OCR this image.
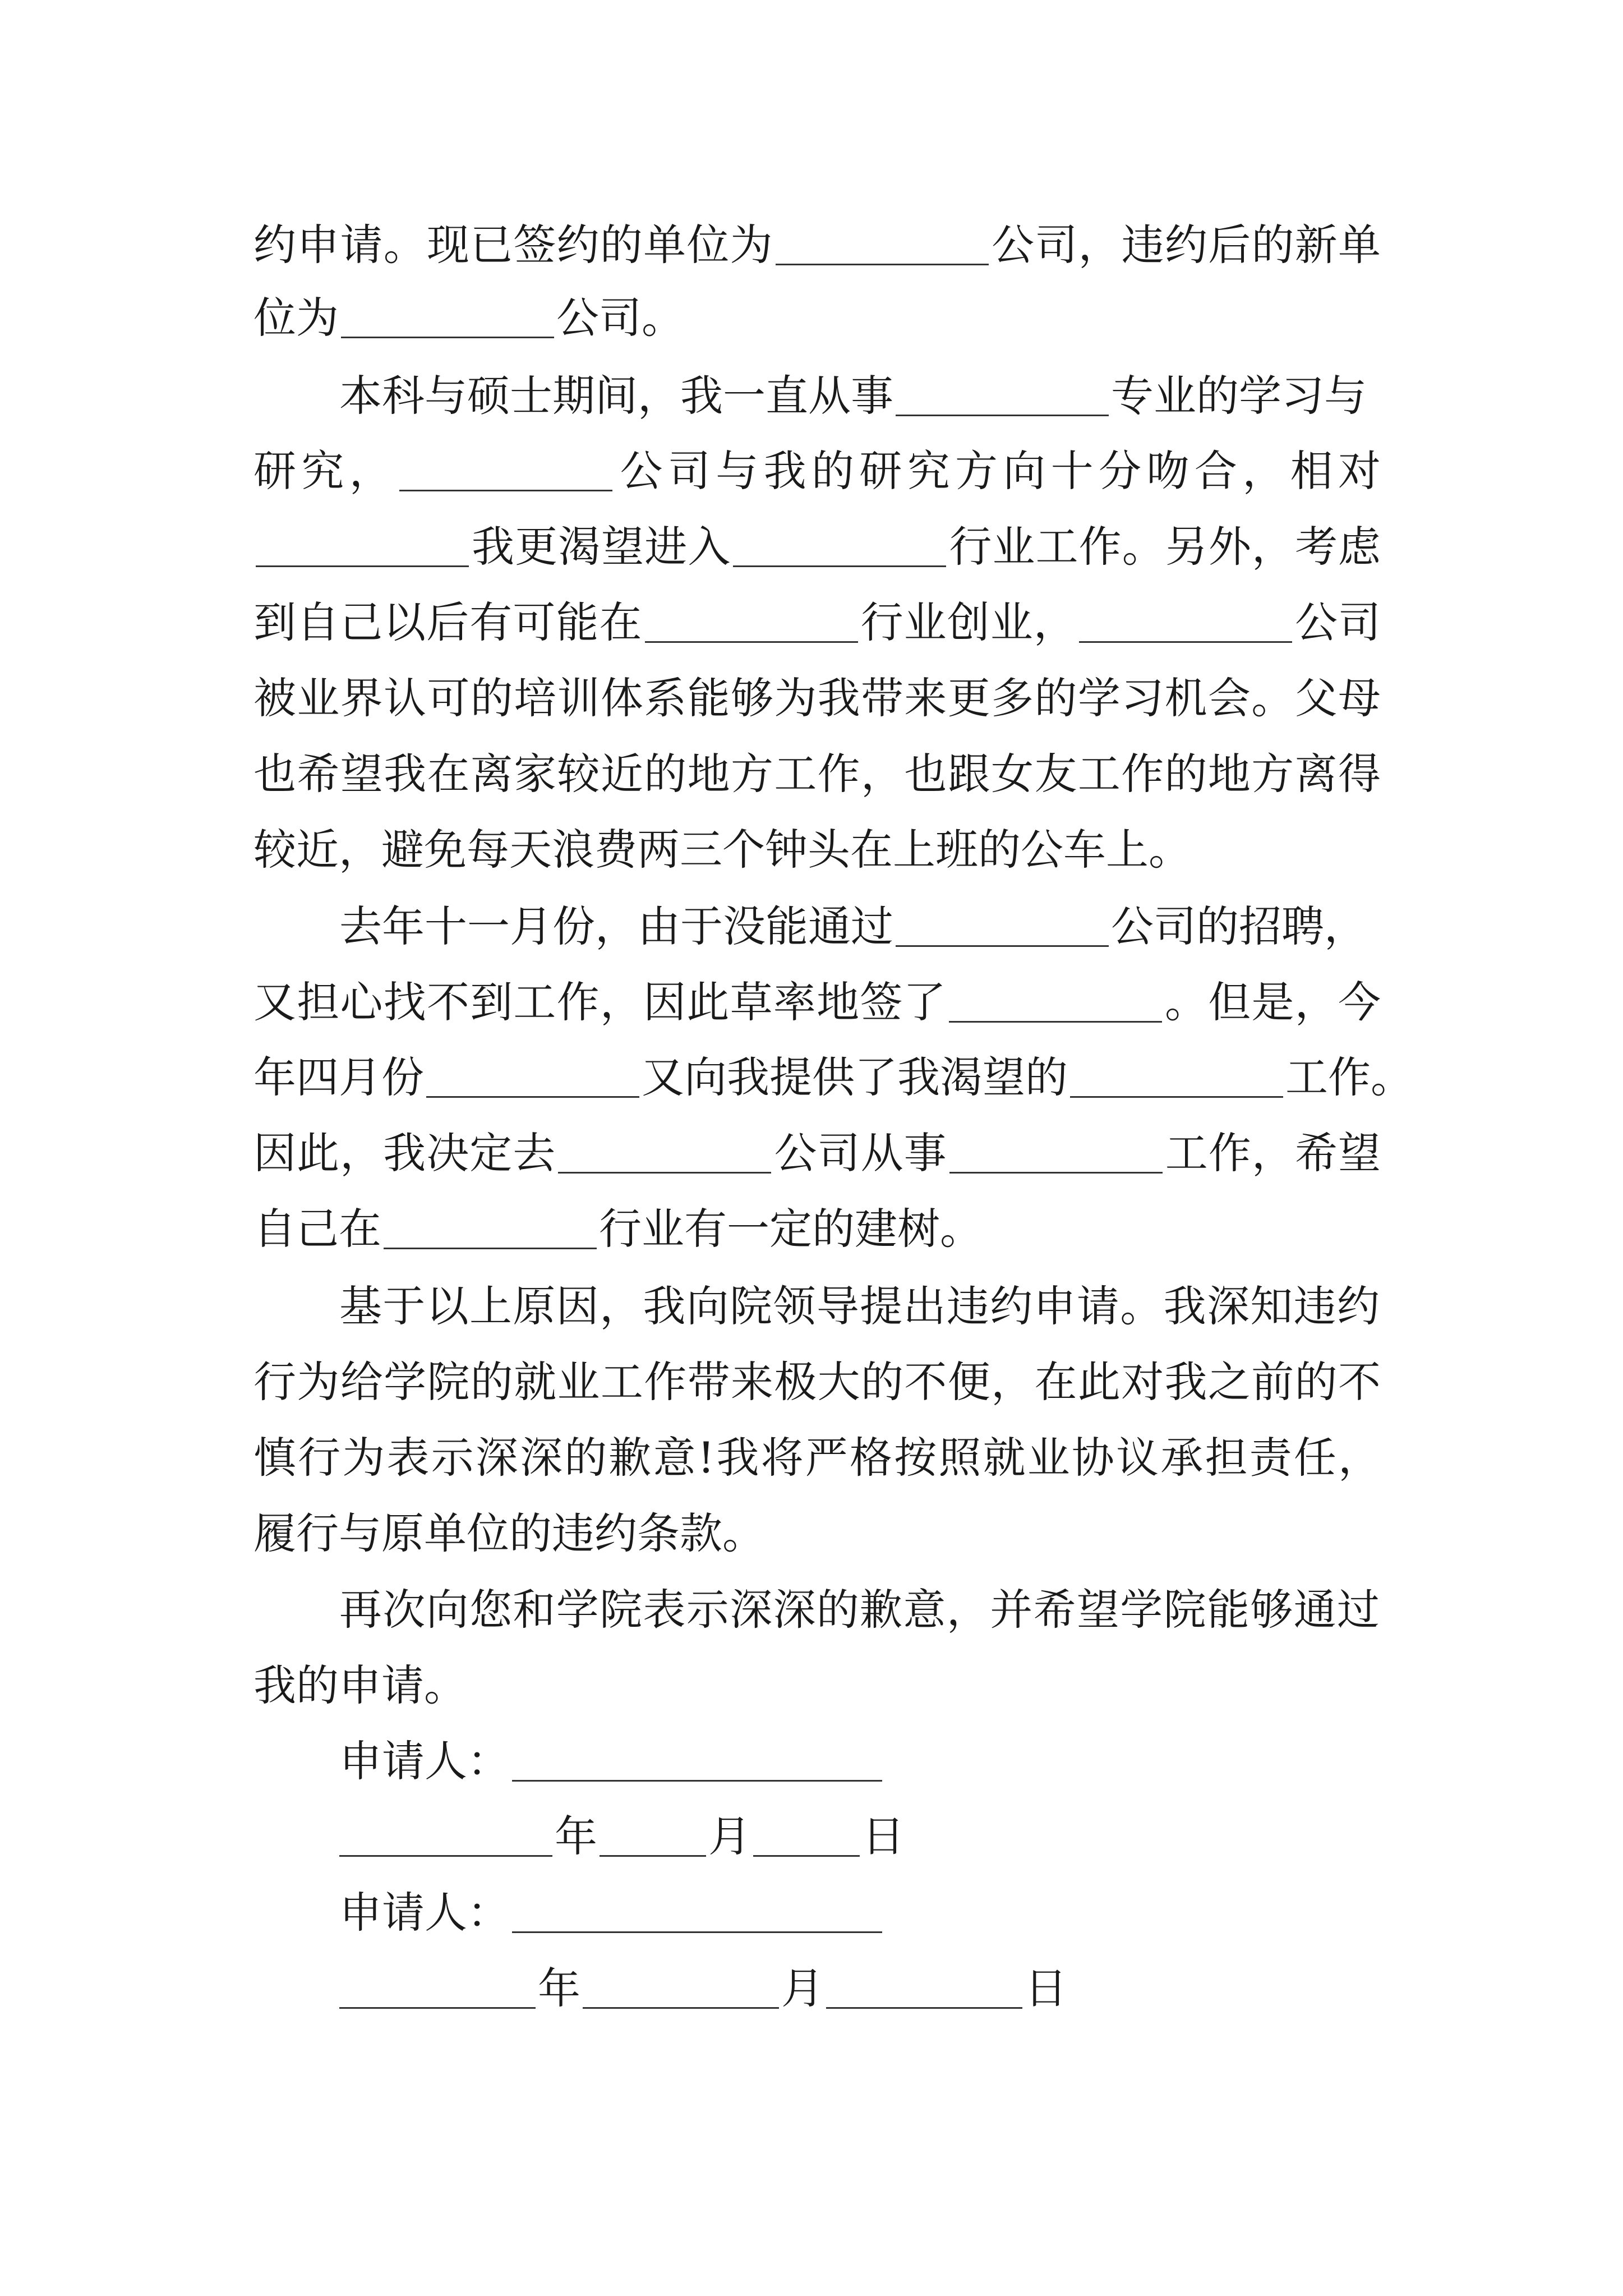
约申请。现已签约的单位为	公司，违约后的新单
位为	公司。
本科与硕士期间，我一直从事	专业的学习与
研究，	公司与我的研究方向十分吻合，相对
我更渴望进入	行业工作。另外，考虑
到自己以后有可能在	行业创业，	公司
被业界认可的培训体系能够为我带来更多的学习机会。父母
也希望我在离家较近的地方工作，也跟女友工作的地方离得
较近，避免每天浪费两三个钟头在上班的公车上。
去年十一月份，由于没能通过	公司的招聘，
又担心找不到工作，因此草率地签了	。但是，今
年四月份	又向我提供了我渴望的	工作。
因此，我决定去	公司从事	工作，希望
自己在	行业有一定的建树。
基于以上原因，我向院领导提出违约申请。我深知违约
行为给学院的就业工作带来极大的不便，在此对我之前的不
慎行为表示深深的歉意!我将严格按照就业协议承担责任，
履行与原单位的违约条款。
再次向您和学院表示深深的歉意，并希望学院能够通过
我的申请。
申请人：
年	月	日
申请人：
年	月	日
